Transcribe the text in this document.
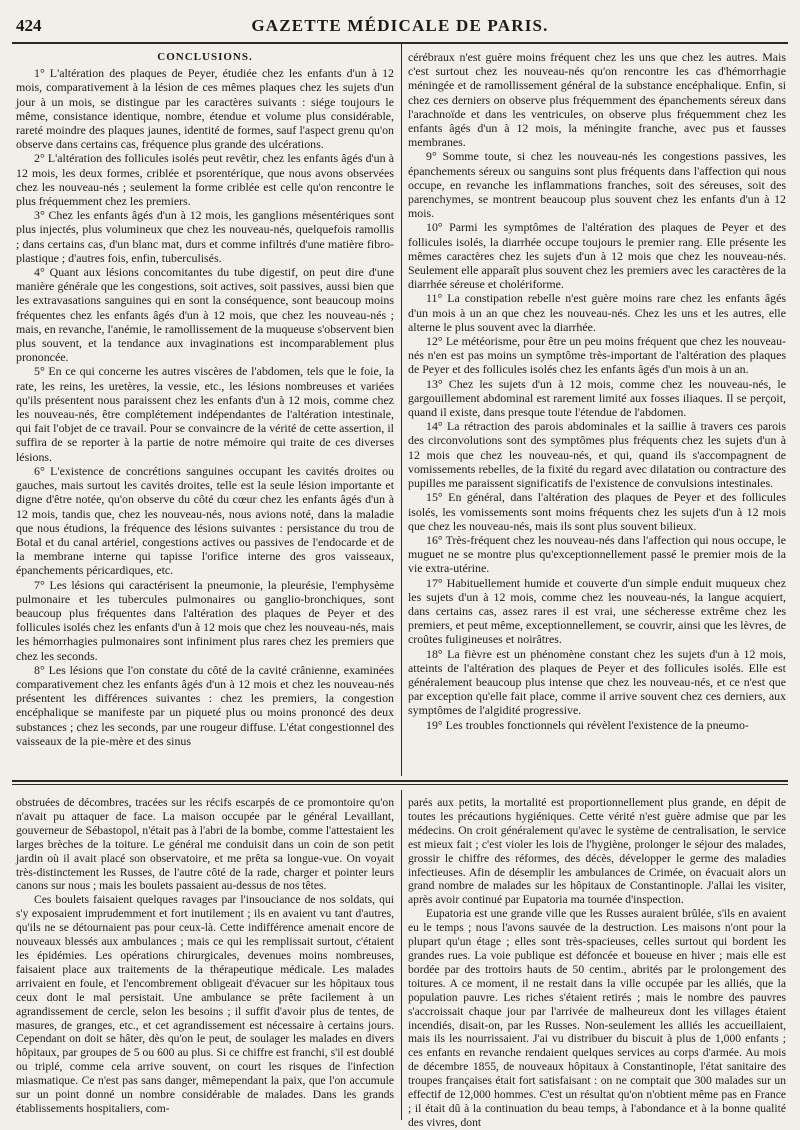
424	GAZETTE MÉDICALE DE PARIS.
CONCLUSIONS.

1° L'altération des plaques de Peyer, étudiée chez les enfants d'un à 12 mois, comparativement à la lésion de ces mêmes plaques chez les sujets d'un jour à un mois, se distingue par les caractères suivants : siége toujours le même, consistance identique, nombre, étendue et volume plus considérable, rareté moindre des plaques jaunes, identité de formes, sauf l'aspect grenu qu'on observe dans certains cas, fréquence plus grande des ulcérations.

2° L'altération des follicules isolés peut revêtir, chez les enfants âgés d'un à 12 mois, les deux formes, criblée et psorentérique, que nous avons observées chez les nouveau-nés ; seulement la forme criblée est celle qu'on rencontre le plus fréquemment chez les premiers.

3° Chez les enfants âgés d'un à 12 mois, les ganglions mésentériques sont plus injectés, plus volumineux que chez les nouveau-nés, quelquefois ramollis ; dans certains cas, d'un blanc mat, durs et comme infiltrés d'une matière fibro-plastique ; d'autres fois, enfin, tuberculisés.

4° Quant aux lésions concomitantes du tube digestif, on peut dire d'une manière générale que les congestions, soit actives, soit passives, aussi bien que les extravasations sanguines qui en sont la conséquence, sont beaucoup moins fréquentes chez les enfants âgés d'un à 12 mois, que chez les nouveau-nés ; mais, en revanche, l'anémie, le ramollissement de la muqueuse s'observent bien plus souvent, et la tendance aux invaginations est incomparablement plus prononcée.

5° En ce qui concerne les autres viscères de l'abdomen, tels que le foie, la rate, les reins, les uretères, la vessie, etc., les lésions nombreuses et variées qu'ils présentent nous paraissent chez les enfants d'un à 12 mois, comme chez les nouveau-nés, être complétement indépendantes de l'altération intestinale, qui fait l'objet de ce travail. Pour se convaincre de la vérité de cette assertion, il suffira de se reporter à la partie de notre mémoire qui traite de ces diverses lésions.

6° L'existence de concrétions sanguines occupant les cavités droites ou gauches, mais surtout les cavités droites, telle est la seule lésion importante et digne d'être notée, qu'on observe du côté du cœur chez les enfants âgés d'un à 12 mois, tandis que, chez les nouveau-nés, nous avions noté, dans la maladie que nous étudions, la fréquence des lésions suivantes : persistance du trou de Botal et du canal artériel, congestions actives ou passives de l'endocarde et de la membrane interne qui tapisse l'orifice interne des gros vaisseaux, épanchements péricardiques, etc.

7° Les lésions qui caractérisent la pneumonie, la pleurésie, l'emphysème pulmonaire et les tubercules pulmonaires ou ganglio-bronchiques, sont beaucoup plus fréquentes dans l'altération des plaques de Peyer et des follicules isolés chez les enfants d'un à 12 mois que chez les nouveau-nés, mais les hémorrhagies pulmonaires sont infiniment plus rares chez les premiers que chez les seconds.

8° Les lésions que l'on constate du côté de la cavité crânienne, examinées comparativement chez les enfants âgés d'un à 12 mois et chez les nouveau-nés présentent les différences suivantes : chez les premiers, la congestion encéphalique se manifeste par un piqueté plus ou moins prononcé des deux substances ; chez les seconds, par une rougeur diffuse. L'état congestionnel des vaisseaux de la pie-mère et des sinus

cérébraux n'est guère moins fréquent chez les uns que chez les autres. Mais c'est surtout chez les nouveau-nés qu'on rencontre les cas d'hémorrhagie méningée et de ramollissement général de la substance encéphalique. Enfin, si chez ces derniers on observe plus fréquemment des épanchements séreux dans l'arachnoïde et dans les ventricules, on observe plus fréquemment chez les enfants âgés d'un à 12 mois, la méningite franche, avec pus et fausses membranes.

9° Somme toute, si chez les nouveau-nés les congestions passives, les épanchements séreux ou sanguins sont plus fréquents dans l'affection qui nous occupe, en revanche les inflammations franches, soit des séreuses, soit des parenchymes, se montrent beaucoup plus souvent chez les enfants d'un à 12 mois.

10° Parmi les symptômes de l'altération des plaques de Peyer et des follicules isolés, la diarrhée occupe toujours le premier rang. Elle présente les mêmes caractères chez les sujets d'un à 12 mois que chez les nouveau-nés. Seulement elle apparaît plus souvent chez les premiers avec les caractères de la diarrhée séreuse et cholériforme.

11° La constipation rebelle n'est guère moins rare chez les enfants âgés d'un mois à un an que chez les nouveau-nés. Chez les uns et les autres, elle alterne le plus souvent avec la diarrhée.

12° Le météorisme, pour être un peu moins fréquent que chez les nouveau-nés n'en est pas moins un symptôme très-important de l'altération des plaques de Peyer et des follicules isolés chez les enfants âgés d'un mois à un an.

13° Chez les sujets d'un à 12 mois, comme chez les nouveau-nés, le gargouillement abdominal est rarement limité aux fosses iliaques. Il se perçoit, quand il existe, dans presque toute l'étendue de l'abdomen.

14° La rétraction des parois abdominales et la saillie à travers ces parois des circonvolutions sont des symptômes plus fréquents chez les sujets d'un à 12 mois que chez les nouveau-nés, et qui, quand ils s'accompagnent de vomissements rebelles, de la fixité du regard avec dilatation ou contracture des pupilles me paraissent significatifs de l'existence de convulsions intestinales.

15° En général, dans l'altération des plaques de Peyer et des follicules isolés, les vomissements sont moins fréquents chez les sujets d'un à 12 mois que chez les nouveau-nés, mais ils sont plus souvent bilieux.

16° Très-fréquent chez les nouveau-nés dans l'affection qui nous occupe, le muguet ne se montre plus qu'exceptionnellement passé le premier mois de la vie extra-utérine.

17° Habituellement humide et couverte d'un simple enduit muqueux chez les sujets d'un à 12 mois, comme chez les nouveau-nés, la langue acquiert, dans certains cas, assez rares il est vrai, une sécheresse extrême chez les premiers, et peut même, exceptionnellement, se couvrir, ainsi que les lèvres, de croûtes fuligineuses et noirâtres.

18° La fièvre est un phénomène constant chez les sujets d'un à 12 mois, atteints de l'altération des plaques de Peyer et des follicules isolés. Elle est généralement beaucoup plus intense que chez les nouveau-nés, et ce n'est que par exception qu'elle fait place, comme il arrive souvent chez ces derniers, aux symptômes de l'algidité progressive.

19° Les troubles fonctionnels qui révèlent l'existence de la pneumo-

obstruées de décombres, tracées sur les récifs escarpés de ce promontoire qu'on n'avait pu attaquer de face. La maison occupée par le général Levaillant, gouverneur de Sébastopol, n'était pas à l'abri de la bombe, comme l'attestaient les larges brèches de la toiture. Le général me conduisit dans un coin de son petit jardin où il avait placé son observatoire, et me prêta sa longue-vue. On voyait très-distinctement les Russes, de l'autre côté de la rade, charger et pointer leurs canons sur nous ; mais les boulets passaient au-dessus de nos têtes.

Ces boulets faisaient quelques ravages par l'insouciance de nos soldats, qui s'y exposaient imprudemment et fort inutilement ; ils en avaient vu tant d'autres, qu'ils ne se détournaient pas pour ceux-là. Cette indifférence amenait encore de nouveaux blessés aux ambulances ; mais ce qui les remplissait surtout, c'étaient les épidémies. Les opérations chirurgicales, devenues moins nombreuses, faisaient place aux traitements de la thérapeutique médicale. Les malades arrivaient en foule, et l'encombrement obligeait d'évacuer sur les hôpitaux tous ceux dont le mal persistait. Une ambulance se prête facilement à un agrandissement de cercle, selon les besoins ; il suffit d'avoir plus de tentes, de masures, de granges, etc., et cet agrandissement est nécessaire à certains jours. Cependant on doit se hâter, dès qu'on le peut, de soulager les malades en divers hôpitaux, par groupes de 5 ou 600 au plus. Si ce chiffre est franchi, s'il est doublé ou triplé, comme cela arrive souvent, on court les risques de l'infection miasmatique. Ce n'est pas sans danger, mêmependant la paix, que l'on accumule sur un point donné un nombre considérable de malades. Dans les grands établissements hospitaliers, com-

parés aux petits, la mortalité est proportionnellement plus grande, en dépit de toutes les précautions hygiéniques. Cette vérité n'est guère admise que par les médecins. On croit généralement qu'avec le système de centralisation, le service est mieux fait ; c'est violer les lois de l'hygiène, prolonger le séjour des malades, grossir le chiffre des réformes, des décès, développer le germe des maladies infectieuses. Afin de désemplir les ambulances de Crimée, on évacuait alors un grand nombre de malades sur les hôpitaux de Constantinople. J'allai les visiter, après avoir continué par Eupatoria ma tournée d'inspection.

Eupatoria est une grande ville que les Russes auraient brûlée, s'ils en avaient eu le temps ; nous l'avons sauvée de la destruction. Les maisons n'ont pour la plupart qu'un étage ; elles sont très-spacieuses, celles surtout qui bordent les grandes rues. La voie publique est défoncée et boueuse en hiver ; mais elle est bordée par des trottoirs hauts de 50 centim., abrités par le prolongement des toitures. A ce moment, il ne restait dans la ville occupée par les alliés, que la population pauvre. Les riches s'étaient retirés ; mais le nombre des pauvres s'accroissait chaque jour par l'arrivée de malheureux dont les villages étaient incendiés, disait-on, par les Russes. Non-seulement les alliés les accueillaient, mais ils les nourrissaient. J'ai vu distribuer du biscuit à plus de 1,000 enfants ; ces enfants en revanche rendaient quelques services au corps d'armée. Au mois de décembre 1855, de nouveaux hôpitaux à Constantinople, l'état sanitaire des troupes françaises était fort satisfaisant : on ne comptait que 300 malades sur un effectif de 12,000 hommes. C'est un résultat qu'on n'obtient même pas en France ; il était dû à la continuation du beau temps, à l'abondance et à la bonne qualité des vivres, dont
